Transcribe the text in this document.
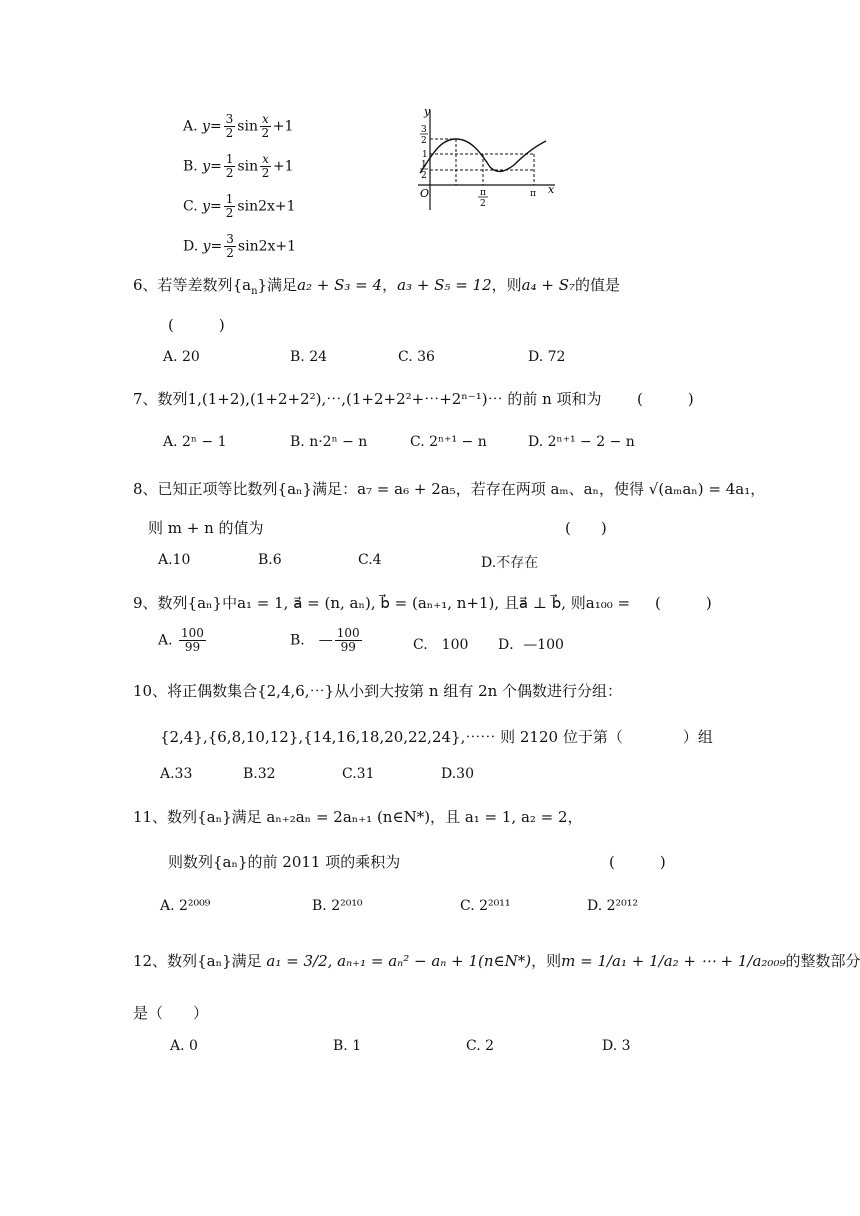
A. $y= \frac{3}{2}$ $\sin \frac{x}{2} +1$
B. $y= \frac{1}{2}$ $\sin \frac{x}{2} +1$
C. $y= \frac{1}{2} \sin 2x+1$
D. $y= \frac{3}{2} \sin 2x+1$
y
x
O
3
2
1
1
2
π
2
π
6、若等差数列$\{a_n\}$满足a₂ + S₃ = 4，a₃ + S₅ = 12，则a₄ + S₇的值是
(　　　)
A. 20	B. 24	C. 36	D. 72
7、数列1,(1+2),(1+2+2²),⋯,(1+2+2²+⋯+2ⁿ⁻¹)⋯ 的前 n 项和为 (　　　)
A. 2ⁿ − 1	B. n·2ⁿ − n	C. 2ⁿ⁺¹ − n	D. 2ⁿ⁺¹ − 2 − n
8、已知正项等比数列{aₙ}满足：a₇ = a₆ + 2a₅，若存在两项 aₘ、aₙ，使得 √(aₘaₙ) = 4a₁，
则 m + n 的值为	(　　)
A.10	B.6	C.4	D.不存在
9、数列{aₙ}中a₁ = 1, a⃗ = (n, aₙ), b⃗ = (aₙ₊₁, n+1), 且a⃗ ⊥ b⃗, 则a₁₀₀ = (　　　)
A. $\frac{100}{99}$	B.　— $\frac{100}{99}$	C.　100 D．—100
10、将正偶数集合{2,4,6,⋯}从小到大按第 n 组有 2n 个偶数进行分组：
{2,4},{6,8,10,12},{14,16,18,20,22,24},⋯⋯ 则 2120 位于第（　　　　）组
A.33	B.32	C.31	D.30
11、数列{aₙ}满足 aₙ₊₂aₙ = 2aₙ₊₁ (n∈N*)，且 a₁ = 1, a₂ = 2，
则数列{aₙ}的前 2011 项的乘积为	(　　　)
A. 2²⁰⁰⁹	B. 2²⁰¹⁰	C. 2²⁰¹¹	D. 2²⁰¹²
12、数列{aₙ}满足 a₁ = 3/2, aₙ₊₁ = aₙ² − aₙ + 1(n∈N*)，则m = 1/a₁ + 1/a₂ + ⋯ + 1/a₂₀₀₉的整数部分
是（　　）
A. 0	B. 1	C. 2	D. 3
